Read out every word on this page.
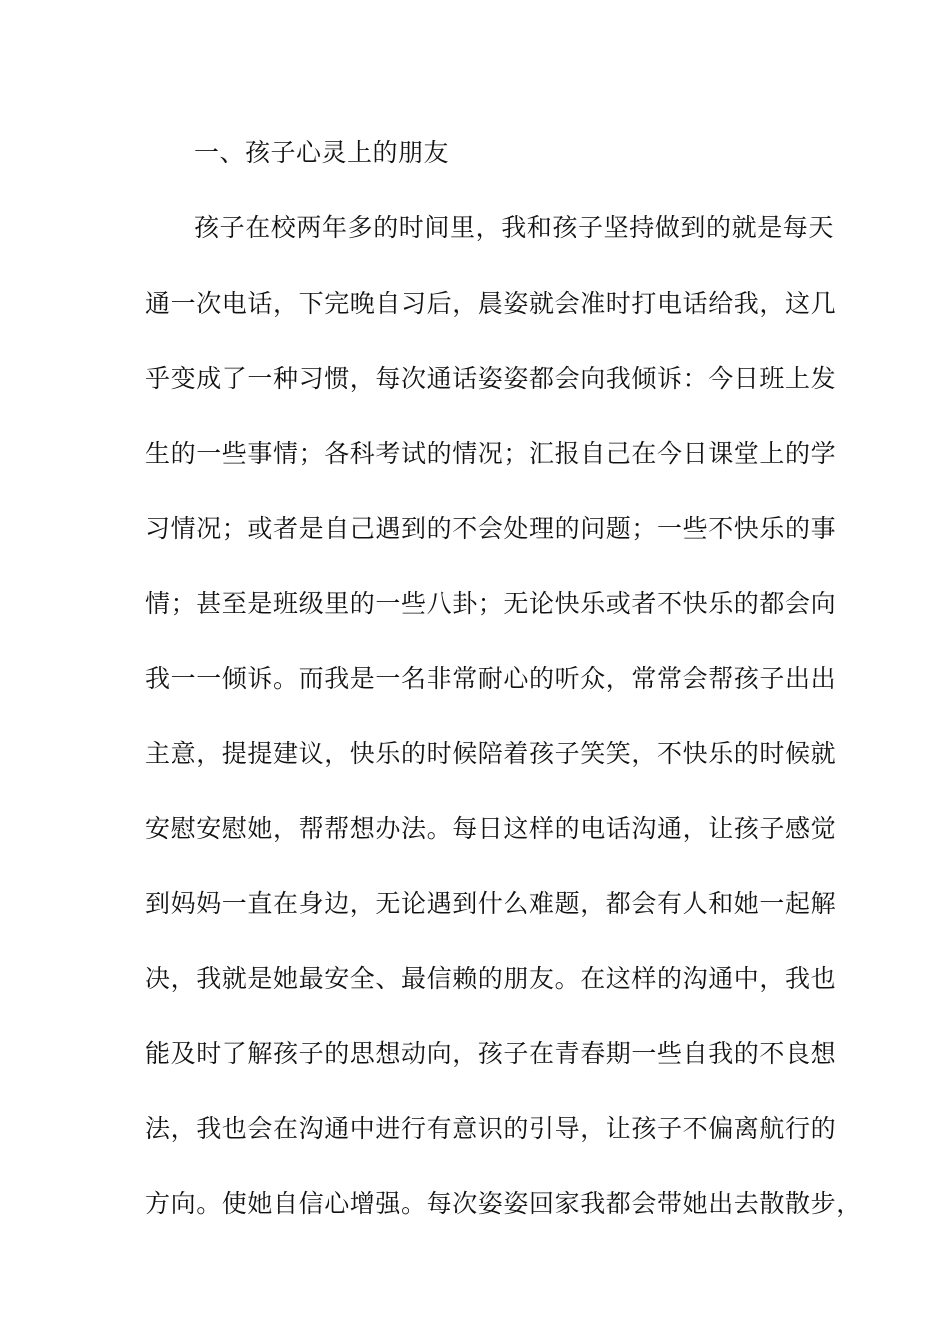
一、孩子心灵上的朋友
孩子在校两年多的时间里，我和孩子坚持做到的就是每天
通一次电话，下完晚自习后，晨姿就会准时打电话给我，这几
乎变成了一种习惯，每次通话姿姿都会向我倾诉：今日班上发
生的一些事情；各科考试的情况；汇报自己在今日课堂上的学
习情况；或者是自己遇到的不会处理的问题；一些不快乐的事
情；甚至是班级里的一些八卦；无论快乐或者不快乐的都会向
我一一倾诉。而我是一名非常耐心的听众，常常会帮孩子出出
主意，提提建议，快乐的时候陪着孩子笑笑，不快乐的时候就
安慰安慰她，帮帮想办法。每日这样的电话沟通，让孩子感觉
到妈妈一直在身边，无论遇到什么难题，都会有人和她一起解
决，我就是她最安全、最信赖的朋友。在这样的沟通中，我也
能及时了解孩子的思想动向，孩子在青春期一些自我的不良想
法，我也会在沟通中进行有意识的引导，让孩子不偏离航行的
方向。使她自信心增强。每次姿姿回家我都会带她出去散散步，
